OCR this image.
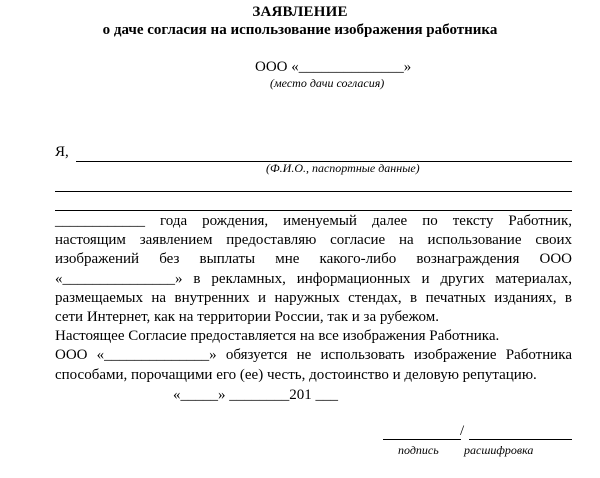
ЗАЯВЛЕНИЕ
о даче согласия на использование изображения работника
ООО «______________»
(место дачи согласия)
Я,
(Ф.И.О., паспортные данные)
____________ года рождения, именуемый далее по тексту Работник,
настоящим заявлением предоставляю согласие на использование своих
изображений без выплаты мне какого-либо вознаграждения ООО
«_______________» в рекламных, информационных и других материалах,
размещаемых на внутренних и наружных стендах, в печатных изданиях, в
сети Интернет, как на территории России, так и за рубежом.
Настоящее Согласие предоставляется на все изображения Работника.
ООО «______________» обязуется не использовать изображение Работника
способами, порочащими его (ее) честь, достоинство и деловую репутацию.
«_____» ________201 ___
/
подпись расшифровка
